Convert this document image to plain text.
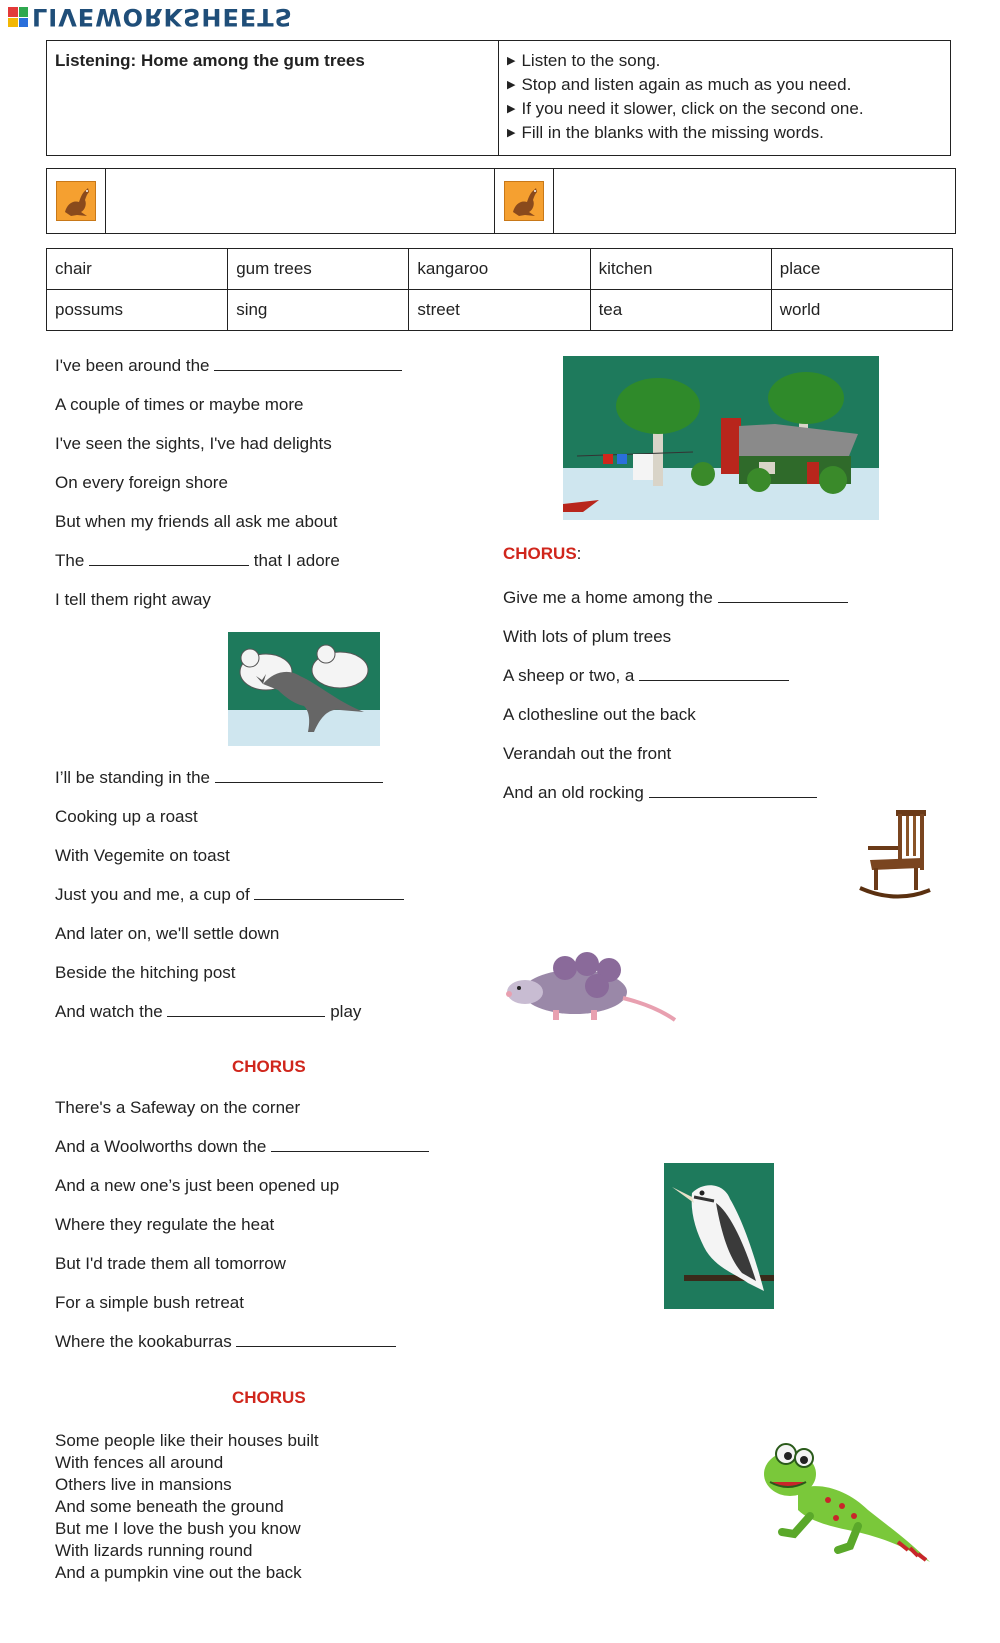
LIVEWORKSHEETS
Listening: Home among the gum trees	▶ Listen to the song.
▶ Stop and listen again as much as you need.
▶ If you need it slower, click on the second one.
▶ Fill in the blanks with the missing words.
chair	gum trees	kangaroo	kitchen	place
possums	sing	street	tea	world
I've been around the
A couple of times or maybe more
I've seen the sights, I've had delights
On every foreign shore
But when my friends all ask me about
The	that I adore
I tell them right away
I’ll be standing in the
Cooking up a roast
With Vegemite on toast
Just you and me, a cup of
And later on, we'll settle down
Beside the hitching post
And watch the	play
CHORUS
There's a Safeway on the corner
And a Woolworths down the
And a new one’s just been opened up
Where they regulate the heat
But I'd trade them all tomorrow
For a simple bush retreat
Where the kookaburras
CHORUS
Some people like their houses built
With fences all around
Others live in mansions
And some beneath the ground
But me I love the bush you know
With lizards running round
And a pumpkin vine out the back
CHORUS:
Give me a home among the
With lots of plum trees
A sheep or two, a
A clothesline out the back
Verandah out the front
And an old rocking
